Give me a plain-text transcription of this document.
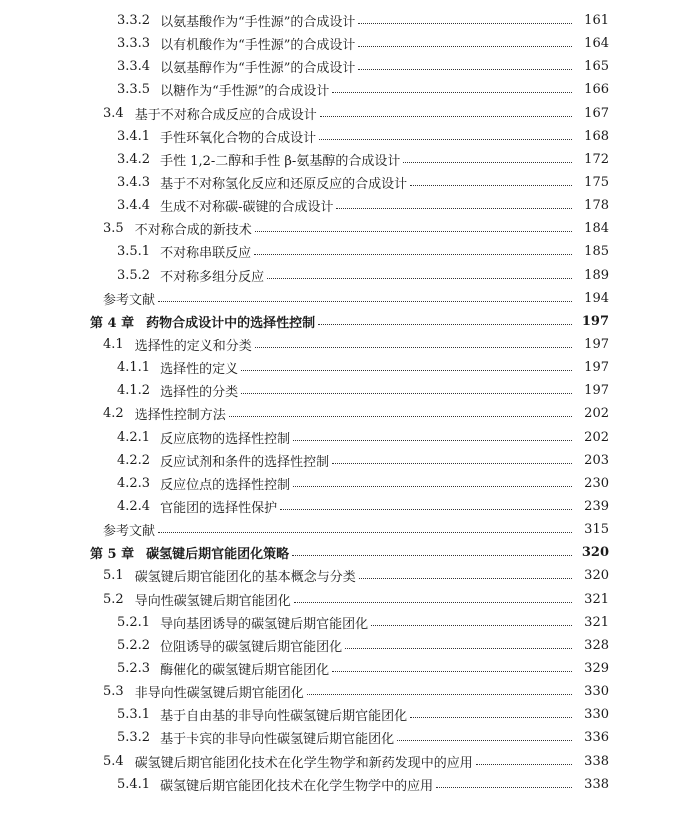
3.3.2 以氨基酸作为“手性源”的合成设计	161
3.3.3 以有机酸作为“手性源”的合成设计	164
3.3.4 以氨基醇作为“手性源”的合成设计	165
3.3.5 以糖作为“手性源”的合成设计	166
3.4 基于不对称合成反应的合成设计	167
3.4.1 手性环氧化合物的合成设计	168
3.4.2 手性 1,2-二醇和手性 β-氨基醇的合成设计	172
3.4.3 基于不对称氢化反应和还原反应的合成设计	175
3.4.4 生成不对称碳-碳键的合成设计	178
3.5 不对称合成的新技术	184
3.5.1 不对称串联反应	185
3.5.2 不对称多组分反应	189
参考文献	194
第 4 章 药物合成设计中的选择性控制	197
4.1 选择性的定义和分类	197
4.1.1 选择性的定义	197
4.1.2 选择性的分类	197
4.2 选择性控制方法	202
4.2.1 反应底物的选择性控制	202
4.2.2 反应试剂和条件的选择性控制	203
4.2.3 反应位点的选择性控制	230
4.2.4 官能团的选择性保护	239
参考文献	315
第 5 章 碳氢键后期官能团化策略	320
5.1 碳氢键后期官能团化的基本概念与分类	320
5.2 导向性碳氢键后期官能团化	321
5.2.1 导向基团诱导的碳氢键后期官能团化	321
5.2.2 位阻诱导的碳氢键后期官能团化	328
5.2.3 酶催化的碳氢键后期官能团化	329
5.3 非导向性碳氢键后期官能团化	330
5.3.1 基于自由基的非导向性碳氢键后期官能团化	330
5.3.2 基于卡宾的非导向性碳氢键后期官能团化	336
5.4 碳氢键后期官能团化技术在化学生物学和新药发现中的应用	338
5.4.1 碳氢键后期官能团化技术在化学生物学中的应用	338
